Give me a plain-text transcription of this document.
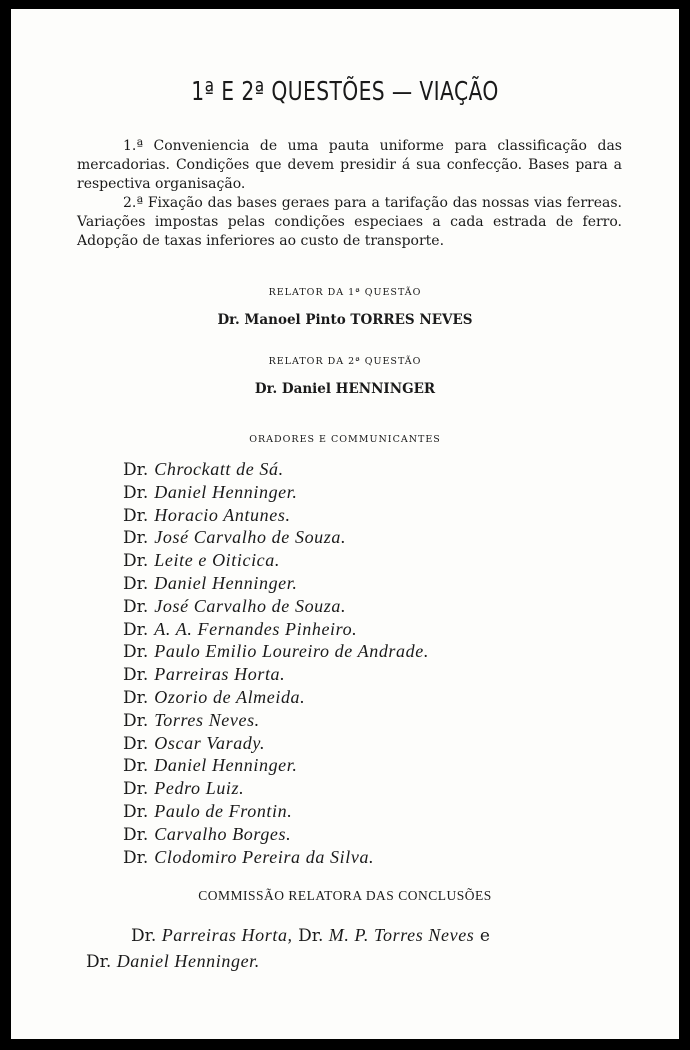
1ª E 2ª QUESTÕES — VIAÇÃO

1.ª Conveniencia de uma pauta uniforme para classificação das mercadorias. Condições que devem presidir á sua confecção. Bases para a respectiva organisação.

2.ª Fixação das bases geraes para a tarifação das nossas vias ferreas. Variações impostas pelas condições especiaes a cada estrada de ferro. Adopção de taxas inferiores ao custo de transporte.

RELATOR DA 1ª QUESTÃO
Dr. Manoel Pinto TORRES NEVES
RELATOR DA 2ª QUESTÃO
Dr. Daniel HENNINGER
ORADORES E COMMUNICANTES
Dr. Chrockatt de Sá.
Dr. Daniel Henninger.
Dr. Horacio Antunes.
Dr. José Carvalho de Souza.
Dr. Leite e Oiticica.
Dr. Daniel Henninger.
Dr. José Carvalho de Souza.
Dr. A. A. Fernandes Pinheiro.
Dr. Paulo Emilio Loureiro de Andrade.
Dr. Parreiras Horta.
Dr. Ozorio de Almeida.
Dr. Torres Neves.
Dr. Oscar Varady.
Dr. Daniel Henninger.
Dr. Pedro Luiz.
Dr. Paulo de Frontin.
Dr. Carvalho Borges.
Dr. Clodomiro Pereira da Silva.
COMMISSÃO RELATORA DAS CONCLUSÕES
Dr. Parreiras Horta, Dr. M. P. Torres Neves e
Dr. Daniel Henninger.
